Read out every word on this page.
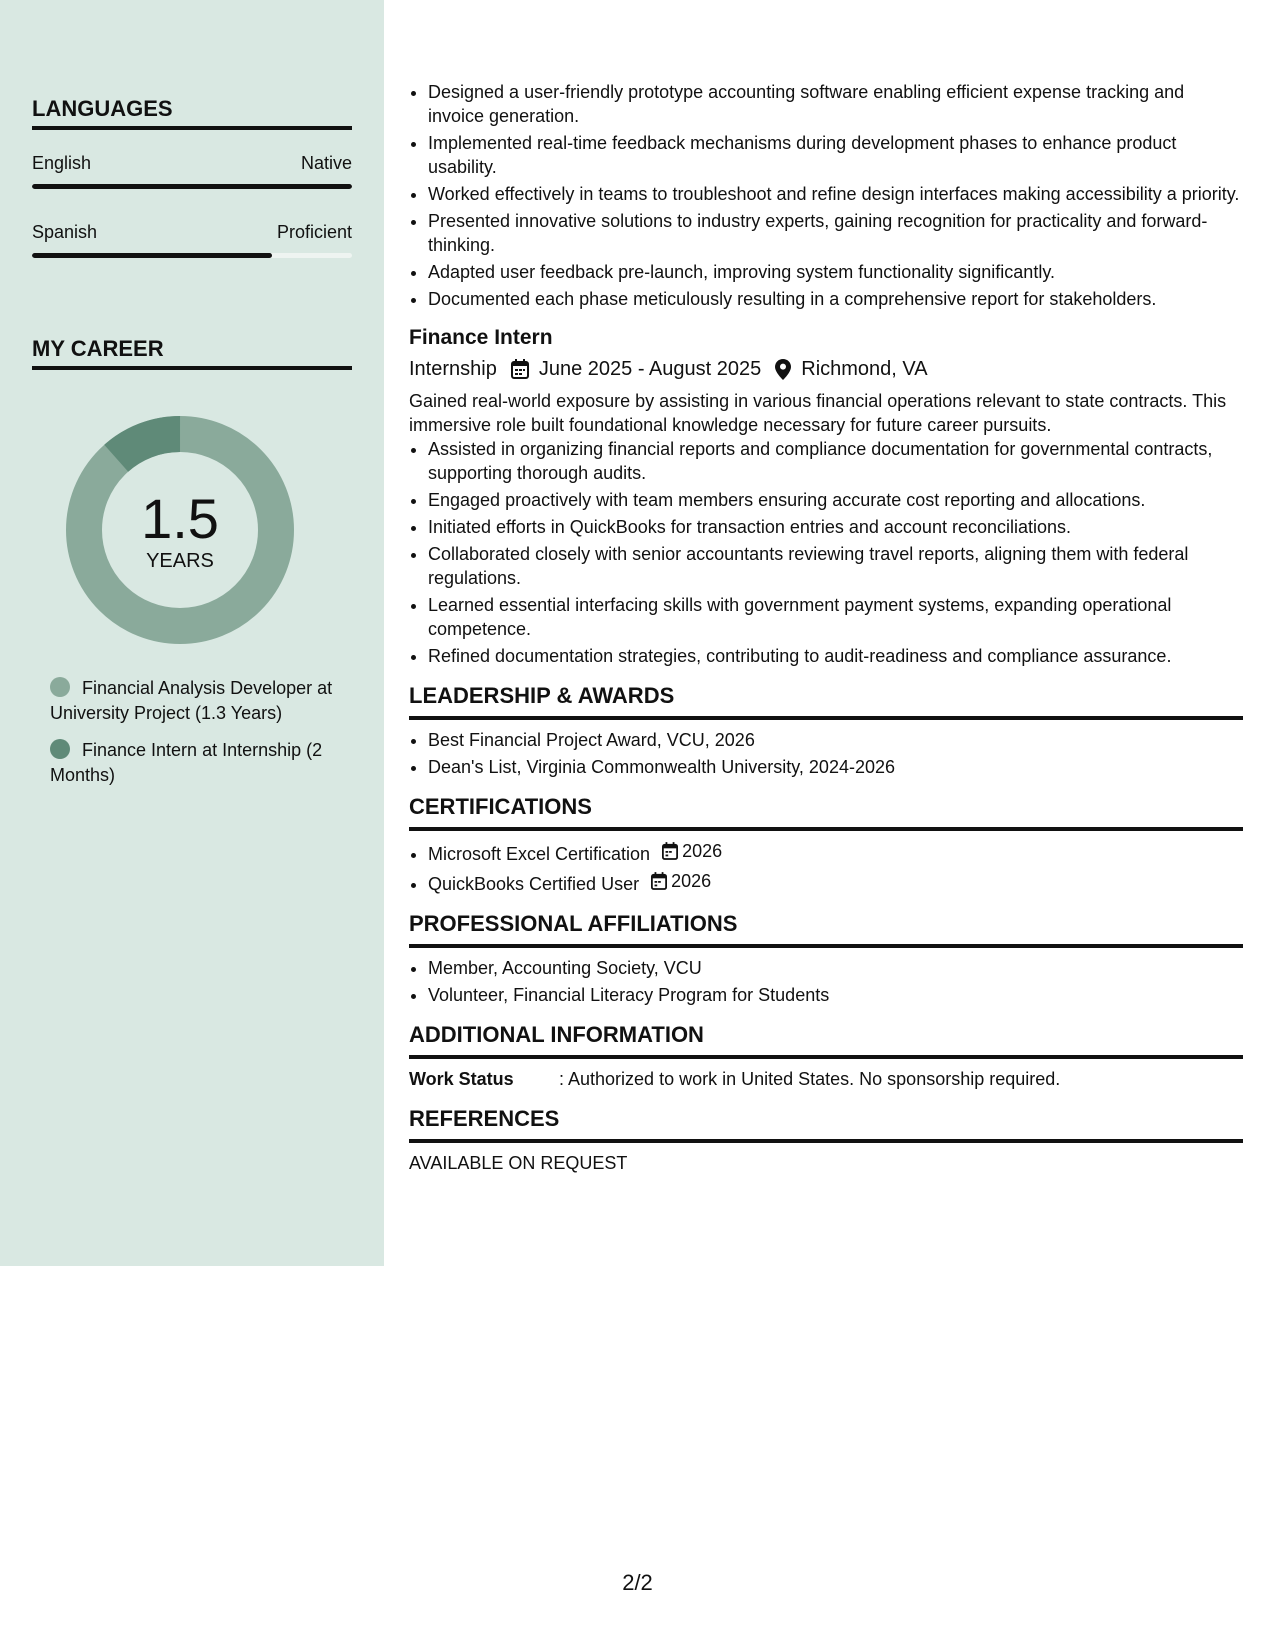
LANGUAGES
English	Native
Spanish	Proficient
MY CAREER
1.5
YEARS
Financial Analysis Developer at University Project (1.3 Years)
Finance Intern at Internship (2 Months)
• Designed a user-friendly prototype accounting software enabling efficient expense tracking and invoice generation.
• Implemented real-time feedback mechanisms during development phases to enhance product usability.
• Worked effectively in teams to troubleshoot and refine design interfaces making accessibility a priority.
• Presented innovative solutions to industry experts, gaining recognition for practicality and forward-thinking.
• Adapted user feedback pre-launch, improving system functionality significantly.
• Documented each phase meticulously resulting in a comprehensive report for stakeholders.
Finance Intern
Internship June 2025 - August 2025 Richmond, VA
Gained real-world exposure by assisting in various financial operations relevant to state contracts. This immersive role built foundational knowledge necessary for future career pursuits.
• Assisted in organizing financial reports and compliance documentation for governmental contracts, supporting thorough audits.
• Engaged proactively with team members ensuring accurate cost reporting and allocations.
• Initiated efforts in QuickBooks for transaction entries and account reconciliations.
• Collaborated closely with senior accountants reviewing travel reports, aligning them with federal regulations.
• Learned essential interfacing skills with government payment systems, expanding operational competence.
• Refined documentation strategies, contributing to audit-readiness and compliance assurance.
LEADERSHIP & AWARDS
• Best Financial Project Award, VCU, 2026
• Dean's List, Virginia Commonwealth University, 2024-2026
CERTIFICATIONS
• Microsoft Excel Certification 2026
• QuickBooks Certified User 2026
PROFESSIONAL AFFILIATIONS
• Member, Accounting Society, VCU
• Volunteer, Financial Literacy Program for Students
ADDITIONAL INFORMATION
Work Status	: Authorized to work in United States. No sponsorship required.
REFERENCES
AVAILABLE ON REQUEST
2/2
